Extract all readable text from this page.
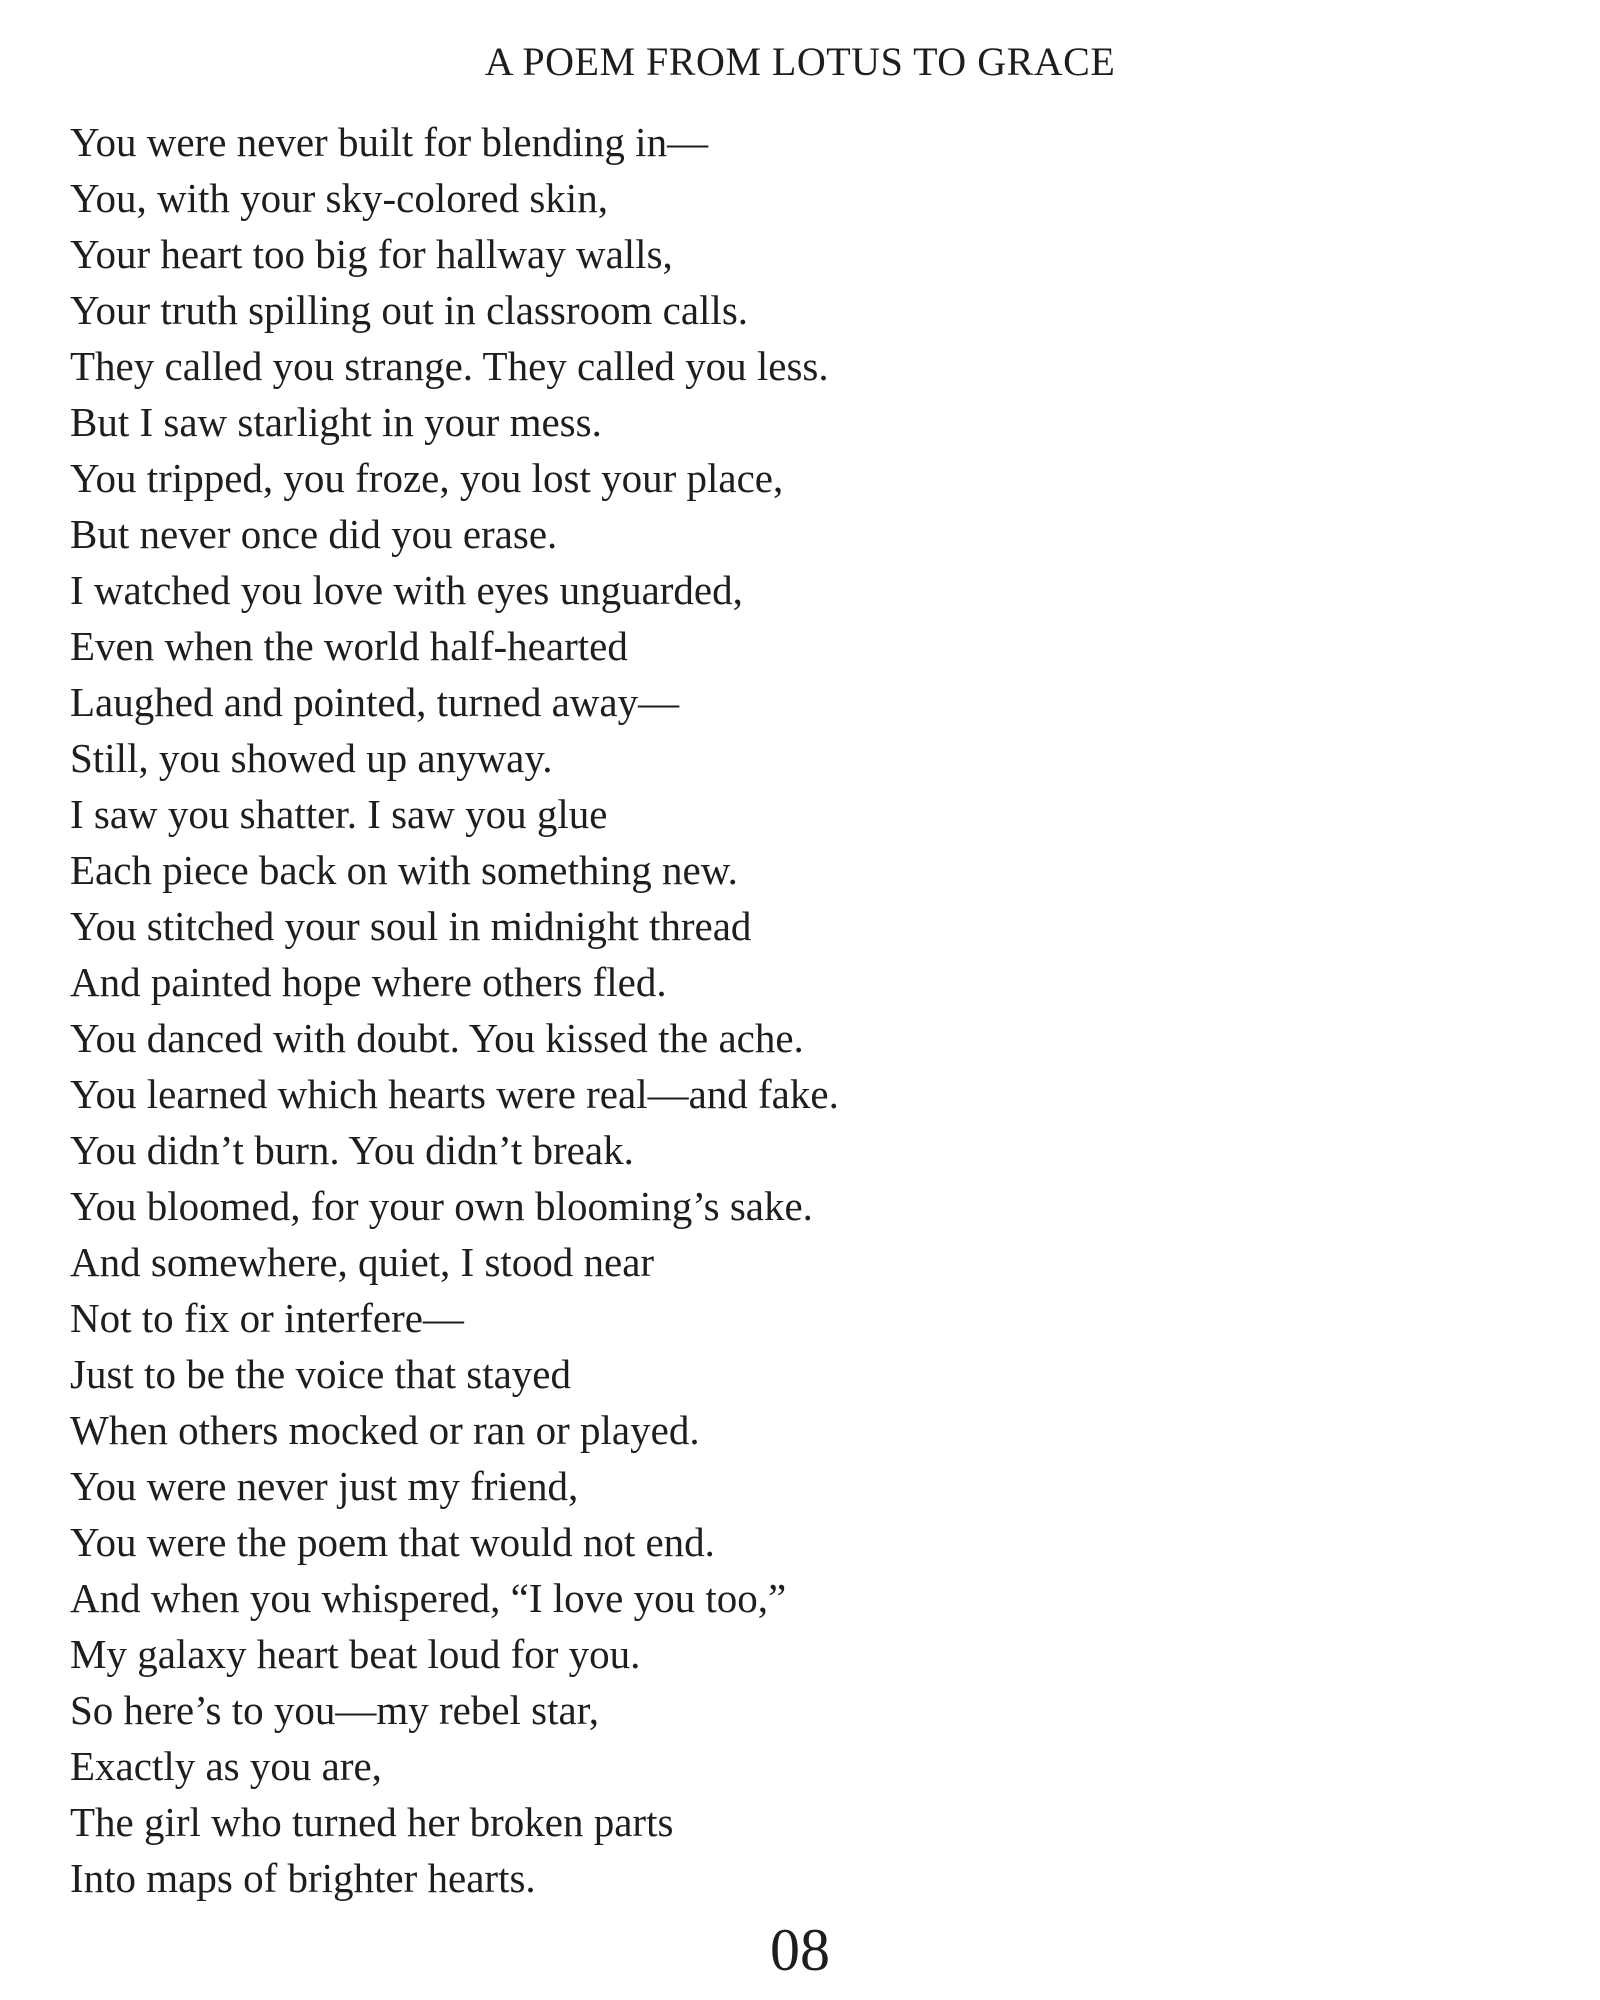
A POEM FROM LOTUS TO GRACE
You were never built for blending in—
You, with your sky-colored skin,
Your heart too big for hallway walls,
Your truth spilling out in classroom calls.
They called you strange. They called you less.
But I saw starlight in your mess.
You tripped, you froze, you lost your place,
But never once did you erase.
I watched you love with eyes unguarded,
Even when the world half-hearted
Laughed and pointed, turned away—
Still, you showed up anyway.
I saw you shatter. I saw you glue
Each piece back on with something new.
You stitched your soul in midnight thread
And painted hope where others fled.
You danced with doubt. You kissed the ache.
You learned which hearts were real—and fake.
You didn’t burn. You didn’t break.
You bloomed, for your own blooming’s sake.
And somewhere, quiet, I stood near
Not to fix or interfere—
Just to be the voice that stayed
When others mocked or ran or played.
You were never just my friend,
You were the poem that would not end.
And when you whispered, “I love you too,”
My galaxy heart beat loud for you.
So here’s to you—my rebel star,
Exactly as you are,
The girl who turned her broken parts
Into maps of brighter hearts.
08
